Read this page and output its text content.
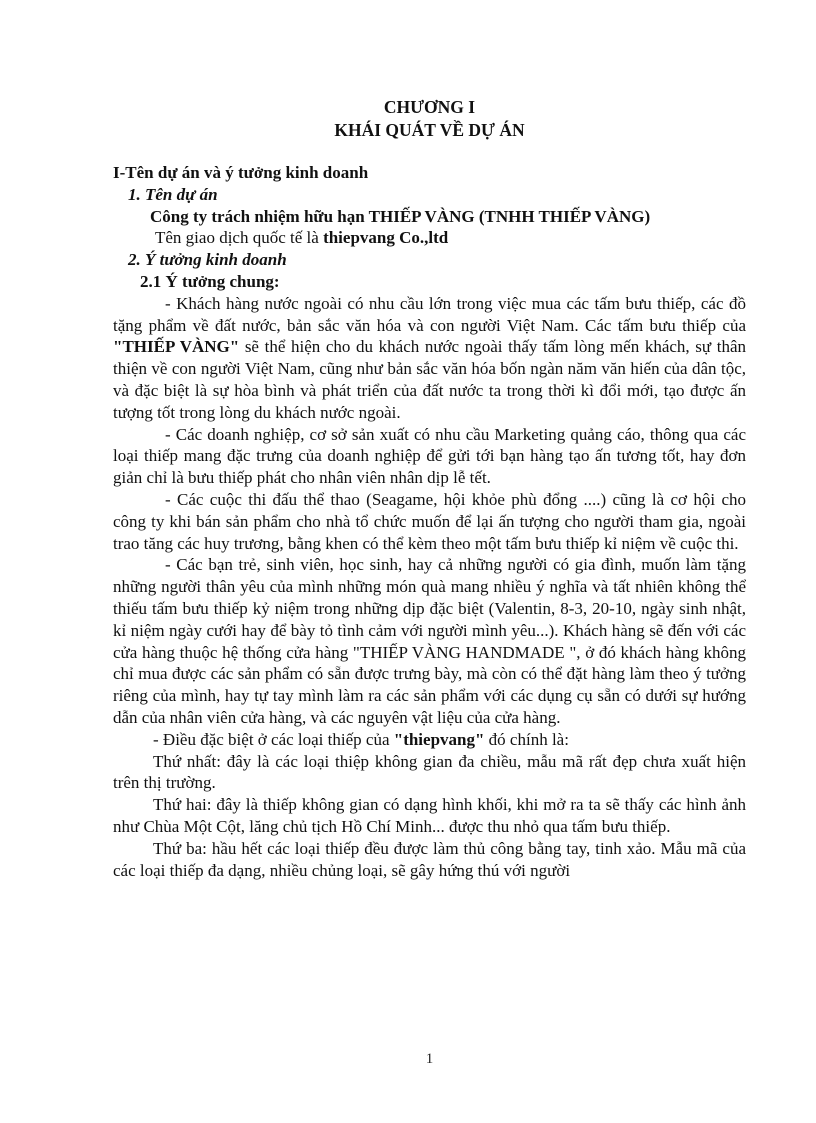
CHƯƠNG I
KHÁI QUÁT VỀ DỰ ÁN

I-Tên dự án và ý tưởng kinh doanh

1. Tên dự án

Công ty trách nhiệm hữu hạn THIẾP VÀNG (TNHH THIẾP VÀNG)

Tên giao dịch quốc tế là thiepvang Co.,ltd

2. Ý tưởng kinh doanh

2.1 Ý tưởng chung:

- Khách hàng nước ngoài có nhu cầu lớn trong việc mua các tấm bưu thiếp, các đồ tặng phẩm về đất nước, bản sắc văn hóa và con người Việt Nam. Các tấm bưu thiếp của "THIẾP VÀNG" sẽ thể hiện cho du khách nước ngoài thấy tấm lòng mến khách, sự thân thiện về con người Việt Nam, cũng như bản sắc văn hóa bốn ngàn năm văn hiến của dân tộc, và đặc biệt là sự hòa bình và phát triển của đất nước ta trong thời kì đổi mới, tạo được ấn tượng tốt trong lòng du khách nước ngoài.

- Các doanh nghiệp, cơ sở sản xuất có nhu cầu Marketing quảng cáo, thông qua các loại thiếp mang đặc trưng của doanh nghiệp để gửi tới bạn hàng tạo ấn tương tốt, hay đơn giản chỉ là bưu thiếp phát cho nhân viên nhân dịp lễ tết.

- Các cuộc thi đấu thể thao (Seagame, hội khỏe phù đổng ....) cũng là cơ hội cho công ty khi bán sản phẩm cho nhà tổ chức muốn để lại ấn tượng cho người tham gia, ngoài trao tăng các huy trương, bằng khen có thể kèm theo một tấm bưu thiếp kỉ niệm về cuộc thi.

- Các bạn trẻ, sinh viên, học sinh, hay cả những người có gia đình, muốn làm tặng những người thân yêu của mình những món quà mang nhiều ý nghĩa và tất nhiên không thể thiếu tấm bưu thiếp kỷ niệm trong những dịp đặc biệt (Valentin, 8-3, 20-10, ngày sinh nhật, kỉ niệm ngày cưới hay để bày tỏ tình cảm với người mình yêu...). Khách hàng sẽ đến với các cửa hàng thuộc hệ thống cửa hàng "THIẾP VÀNG HANDMADE ", ở đó khách hàng không chỉ mua được các sản phẩm có sẵn được trưng bày, mà còn có thể đặt hàng làm theo ý tưởng riêng của mình, hay tự tay mình làm ra các sản phẩm với các dụng cụ sẵn có dưới sự hướng dẫn của nhân viên cửa hàng, và các nguyên vật liệu của cửa hàng.

- Điều đặc biệt ở các loại thiếp của "thiepvang" đó chính là:

Thứ nhất: đây là các loại thiệp không gian đa chiều, mẫu mã rất đẹp chưa xuất hiện trên thị trường.

Thứ hai: đây là thiếp không gian có dạng hình khối, khi mở ra ta sẽ thấy các hình ảnh như Chùa Một Cột, lăng chủ tịch Hồ Chí Minh... được thu nhỏ qua tấm bưu thiếp.

Thứ ba: hầu hết các loại thiếp đều được làm thủ công bằng tay, tinh xảo. Mẫu mã của các loại thiếp đa dạng, nhiều chủng loại, sẽ gây hứng thú với người

1
